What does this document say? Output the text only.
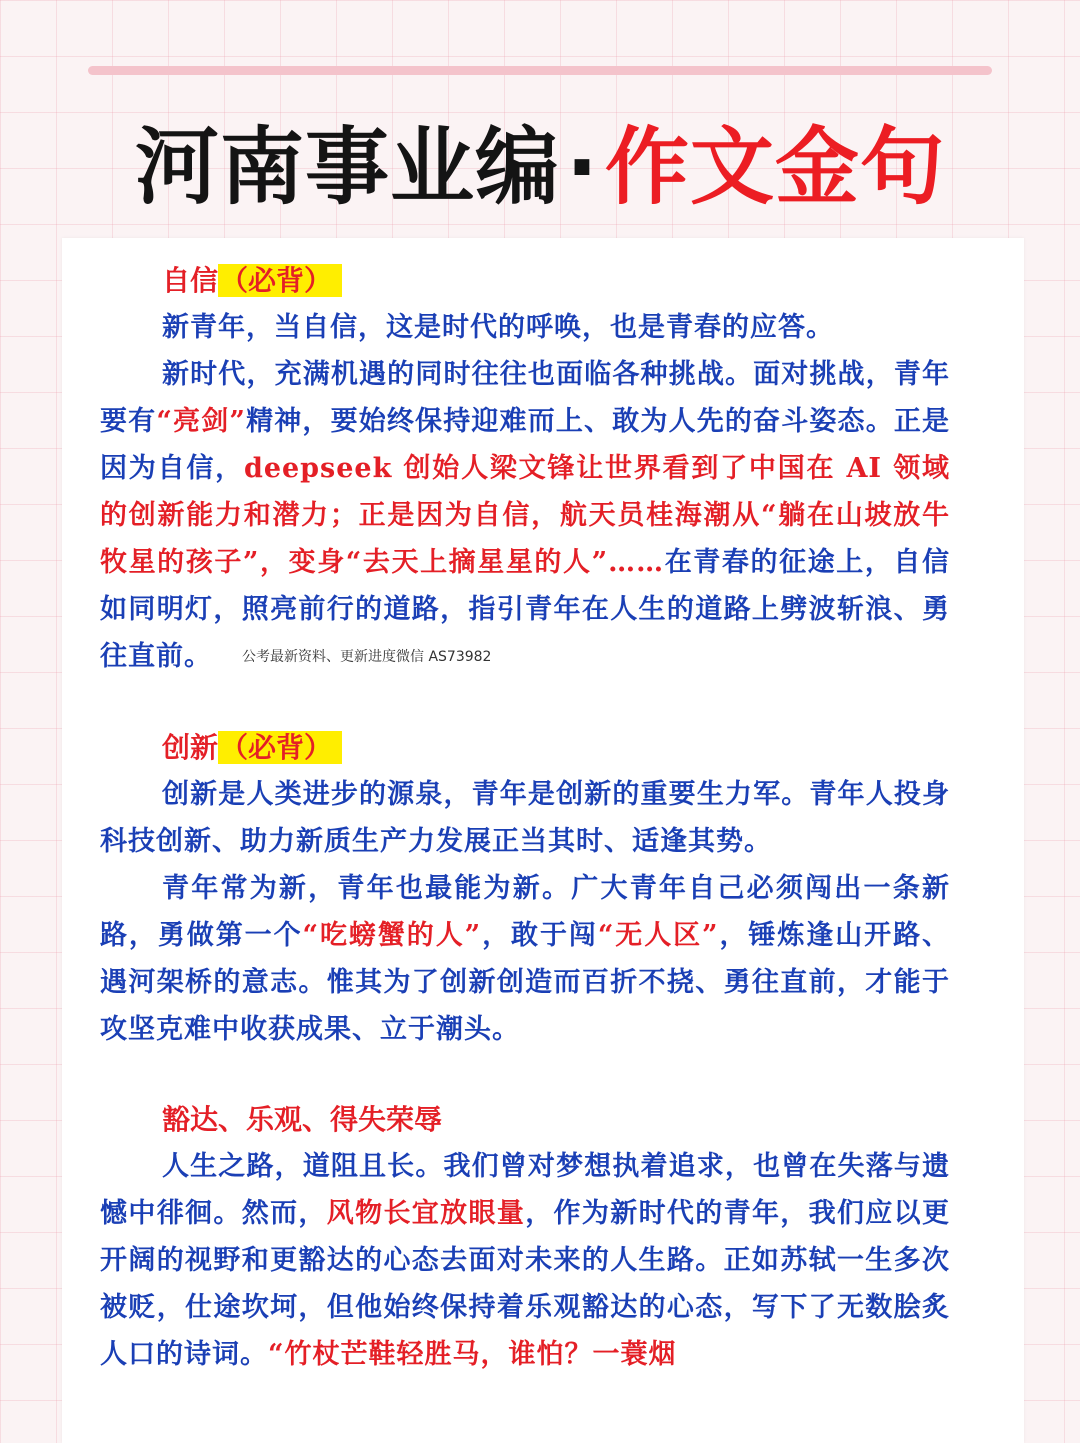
河南事业编·作文金句
自信（必背）

新青年，当自信，这是时代的呼唤，也是青春的应答。

新时代，充满机遇的同时往往也面临各种挑战。面对挑战，青年要有“亮剑”精神，要始终保持迎难而上、敢为人先的奋斗姿态。正是因为自信，deepseek 创始人梁文锋让世界看到了中国在 AI 领域的创新能力和潜力；正是因为自信，航天员桂海潮从“躺在山坡放牛牧星的孩子”，变身“去天上摘星星的人”……在青春的征途上，自信如同明灯，照亮前行的道路，指引青年在人生的道路上劈波斩浪、勇往直前。 公考最新资料、更新进度微信 AS73982

创新（必背）

创新是人类进步的源泉，青年是创新的重要生力军。青年人投身科技创新、助力新质生产力发展正当其时、适逢其势。

青年常为新，青年也最能为新。广大青年自己必须闯出一条新路，勇做第一个“吃螃蟹的人”，敢于闯“无人区”，锤炼逢山开路、遇河架桥的意志。惟其为了创新创造而百折不挠、勇往直前，才能于攻坚克难中收获成果、立于潮头。

豁达、乐观、得失荣辱

人生之路，道阻且长。我们曾对梦想执着追求，也曾在失落与遗憾中徘徊。然而，风物长宜放眼量，作为新时代的青年，我们应以更开阔的视野和更豁达的心态去面对未来的人生路。正如苏轼一生多次被贬，仕途坎坷，但他始终保持着乐观豁达的心态，写下了无数脍炙人口的诗词。“竹杖芒鞋轻胜马，谁怕？一蓑烟
